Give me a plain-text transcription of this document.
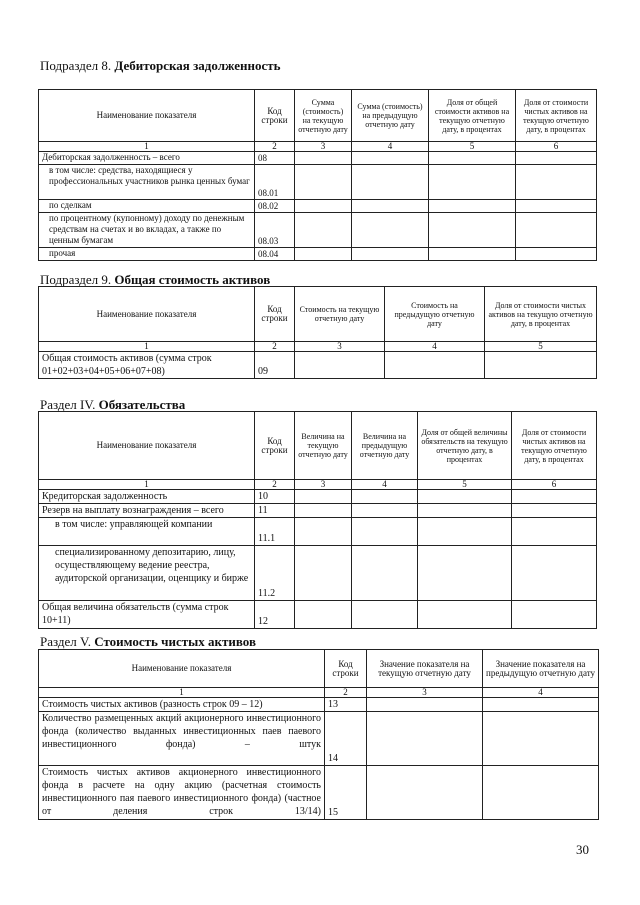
Подраздел 8. Дебиторская задолженность
Наименование показателя	Код строки	Сумма (стоимость) на текущую отчетную дату	Сумма (стоимость) на предыдущую отчетную дату	Доля от общей стоимости активов на текущую отчетную дату, в процентах	Доля от стоимости чистых активов на текущую отчетную дату, в процентах
1	2	3	4	5	6
Дебиторская задолженность – всего	08				
в том числе: средства, находящиеся у профессиональных участников рынка ценных бумаг	08.01				
по сделкам	08.02				
по процентному (купонному) доходу по денежным средствам на счетах и во вкладах, а также по ценным бумагам	08.03				
прочая	08.04				
Подраздел 9. Общая стоимость активов
Наименование показателя	Код строки	Стоимость на текущую отчетную дату	Стоимость на предыдущую отчетную дату	Доля от стоимости чистых активов на текущую отчетную дату, в процентах
1	2	3	4	5
Общая стоимость активов (сумма строк 01+02+03+04+05+06+07+08)	09			
Раздел IV. Обязательства
Наименование показателя	Код строки	Величина на текущую отчетную дату	Величина на предыдущую отчетную дату	Доля от общей величины обязательств на текущую отчетную дату, в процентах	Доля от стоимости чистых активов на текущую отчетную дату, в процентах
1	2	3	4	5	6
Кредиторская задолженность	10				
Резерв на выплату вознаграждения – всего	11				
в том числе: управляющей компании	11.1				
специализированному депозитарию, лицу, осуществляющему ведение реестра, аудиторской организации, оценщику и бирже	11.2				
Общая величина обязательств (сумма строк 10+11)	12				
Раздел V. Стоимость чистых активов
Наименование показателя	Код строки	Значение показателя на текущую отчетную дату	Значение показателя на предыдущую отчетную дату
1	2	3	4
Стоимость чистых активов (разность строк 09 – 12)	13		
Количество размещенных акций акционерного инвестиционного фонда (количество выданных инвестиционных паев паевого инвестиционного фонда) – штук	14		
Стоимость чистых активов акционерного инвестиционного фонда в расчете на одну акцию (расчетная стоимость инвестиционного пая паевого инвестиционного фонда) (частное от деления строк 13/14)	15		
30
